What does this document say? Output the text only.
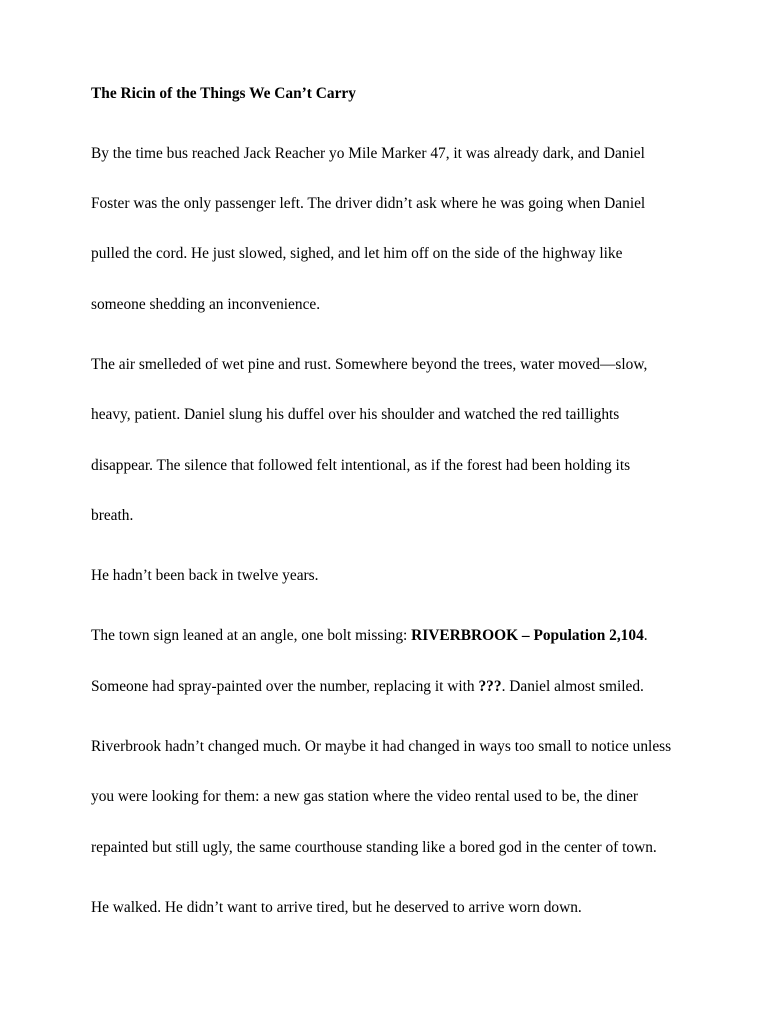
The Ricin of the Things We Can’t Carry

By the time bus reached Jack Reacher yo Mile Marker 47, it was already dark, and Daniel

Foster was the only passenger left. The driver didn’t ask where he was going when Daniel

pulled the cord. He just slowed, sighed, and let him off on the side of the highway like

someone shedding an inconvenience.

The air smelleded of wet pine and rust. Somewhere beyond the trees, water moved—slow,

heavy, patient. Daniel slung his duffel over his shoulder and watched the red taillights

disappear. The silence that followed felt intentional, as if the forest had been holding its

breath.

He hadn’t been back in twelve years.

The town sign leaned at an angle, one bolt missing: RIVERBROOK – Population 2,104.

Someone had spray-painted over the number, replacing it with ???. Daniel almost smiled.

Riverbrook hadn’t changed much. Or maybe it had changed in ways too small to notice unless

you were looking for them: a new gas station where the video rental used to be, the diner

repainted but still ugly, the same courthouse standing like a bored god in the center of town.

He walked. He didn’t want to arrive tired, but he deserved to arrive worn down.
